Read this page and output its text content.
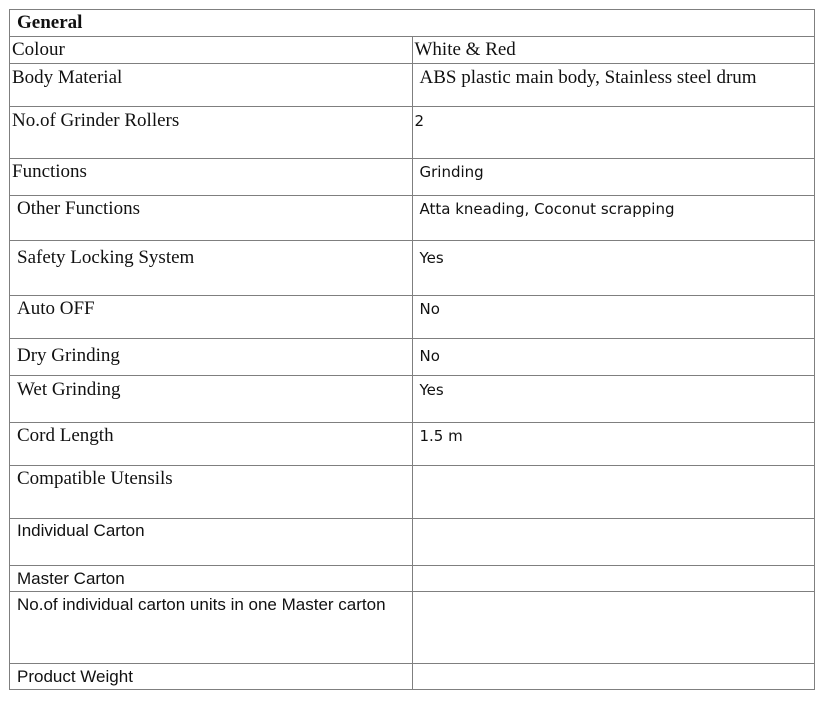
General	
Colour	White & Red
Body Material	ABS plastic main body, Stainless steel drum
No.of Grinder Rollers	2
Functions	Grinding
Other Functions	Atta kneading, Coconut scrapping
Safety Locking System	Yes
Auto OFF	No
Dry Grinding	No
Wet Grinding	Yes
Cord Length	1.5 m
Compatible Utensils	
Individual Carton	
Master Carton	
No.of individual carton units in one Master carton	
Product Weight	
